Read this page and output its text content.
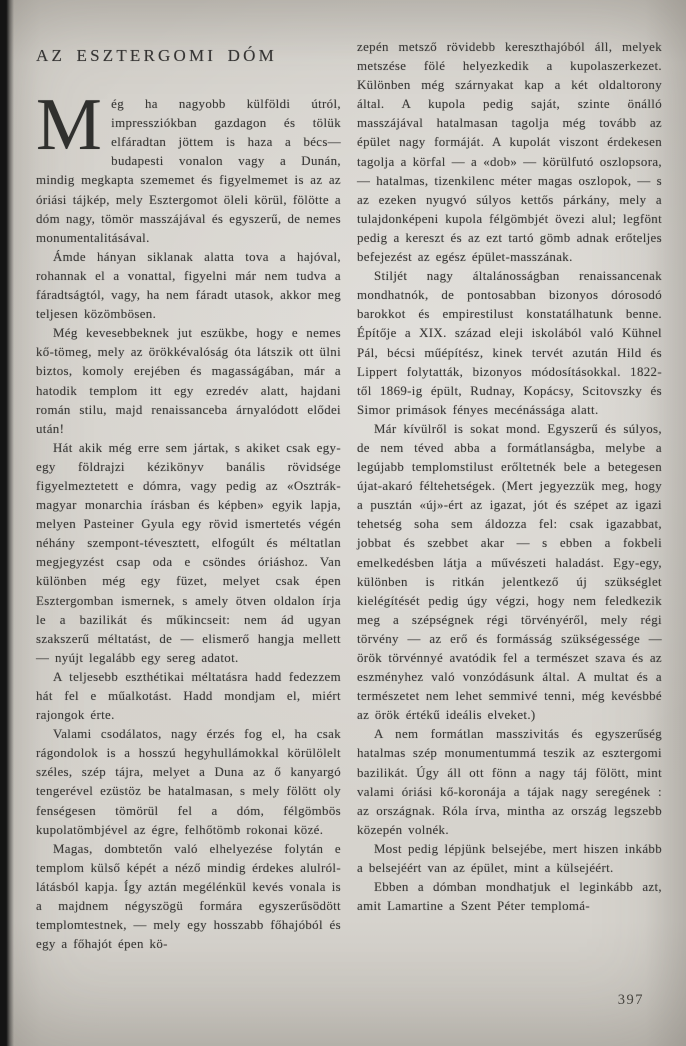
AZ ESZTERGOMI DÓM

Még ha nagyobb külföldi útról, impressziókban gazdagon és tölük elfáradtan jöttem is haza a bécs—budapesti vonalon vagy a Dunán, mindig megkapta szememet és figyelmemet is az az óriási tájkép, mely Esztergomot öleli körül, fölötte a dóm nagy, tömör masszájával és egyszerű, de nemes monumentalitásával.

Ámde hányan siklanak alatta tova a hajóval, rohannak el a vonattal, figyelni már nem tudva a fáradtságtól, vagy, ha nem fáradt utasok, akkor meg teljesen közömbösen.

Még kevesebbeknek jut eszükbe, hogy e nemes kő-tömeg, mely az örökkévalóság óta látszik ott ülni biztos, komoly erejében és magasságában, már a hatodik templom itt egy ezredév alatt, hajdani román stilu, majd renaissanceba árnyalódott elődei után!

Hát akik még erre sem jártak, s akiket csak egy-egy földrajzi kézikönyv banális rövidsége figyelmeztetett e dómra, vagy pedig az «Osztrák-magyar monarchia írásban és képben» egyik lapja, melyen Pasteiner Gyula egy rövid ismertetés végén néhány szempont-tévesztett, elfogúlt és méltatlan megjegyzést csap oda e csöndes óriáshoz. Van különben még egy füzet, melyet csak épen Esztergomban ismernek, s amely ötven oldalon írja le a bazilikát és műkincseit: nem ád ugyan szakszerű méltatást, de — elismerő hangja mellett — nyújt legalább egy sereg adatot.

A teljesebb eszthétikai méltatásra hadd fedezzem hát fel e műalkotást. Hadd mondjam el, miért rajongok érte.

Valami csodálatos, nagy érzés fog el, ha csak rágondolok is a hosszú hegyhullámokkal körülölelt széles, szép tájra, melyet a Duna az ő kanyargó tengerével ezüstöz be hatalmasan, s mely fölött oly fenségesen tömörül fel a dóm, félgömbös kupolatömbjével az égre, felhőtömb rokonai közé.

Magas, dombtetőn való elhelyezése folytán e templom külső képét a néző mindig érdekes alulról-látásból kapja. Így aztán megélénkül kevés vonala is a majdnem négyszögü formára egyszerűsödött templomtestnek, — mely egy hosszabb főhajóból és egy a főhajót épen kö-

zepén metsző rövidebb kereszthajóból áll, melyek metszése fölé helyezkedik a kupolaszerkezet. Különben még szárnyakat kap a két oldaltorony által. A kupola pedig saját, szinte önálló masszájával hatalmasan tagolja még tovább az épület nagy formáját. A kupolát viszont érdekesen tagolja a körfal — a «dob» — körülfutó oszlopsora, — hatalmas, tizenkilenc méter magas oszlopok, — s az ezeken nyugvó súlyos kettős párkány, mely a tulajdonképeni kupola félgömbjét övezi alul; legfönt pedig a kereszt és az ezt tartó gömb adnak erőteljes befejezést az egész épület-masszának.

Stiljét nagy általánosságban renaissancenak mondhatnók, de pontosabban bizonyos dórosodó barokkot és empirestilust konstatálhatunk benne. Építője a XIX. század eleji iskolából való Kühnel Pál, bécsi műépítész, kinek tervét azután Hild és Lippert folytatták, bizonyos módosításokkal. 1822-től 1869-ig épült, Rudnay, Kopácsy, Scitovszky és Simor primások fényes mecénássága alatt.

Már kívülről is sokat mond. Egyszerű és súlyos, de nem téved abba a formátlanságba, melybe a legújabb templomstilust erőltetnék bele a betegesen újat-akaró féltehetségek. (Mert jegyezzük meg, hogy a pusztán «új»-ért az igazat, jót és szépet az igazi tehetség soha sem áldozza fel: csak igazabbat, jobbat és szebbet akar — s ebben a fokbeli emelkedésben látja a művészeti haladást. Egy-egy, különben is ritkán jelentkező új szükséglet kielégítését pedig úgy végzi, hogy nem feledkezik meg a szépségnek régi törvényéről, mely régi törvény — az erő és formásság szükségessége — örök törvénnyé avatódik fel a természet szava és az eszményhez való vonzódásunk által. A multat és a természetet nem lehet semmivé tenni, még kevésbbé az örök értékű ideális elveket.)

A nem formátlan masszivitás és egyszerűség hatalmas szép monumentummá teszik az esztergomi bazilikát. Úgy áll ott fönn a nagy táj fölött, mint valami óriási kő-koronája a tájak nagy seregének : az országnak. Róla írva, mintha az ország legszebb közepén volnék.

Most pedig lépjünk belsejébe, mert hiszen inkább a belsejéért van az épület, mint a külsejéért.

Ebben a dómban mondhatjuk el leginkább azt, amit Lamartine a Szent Péter templomá-

397
